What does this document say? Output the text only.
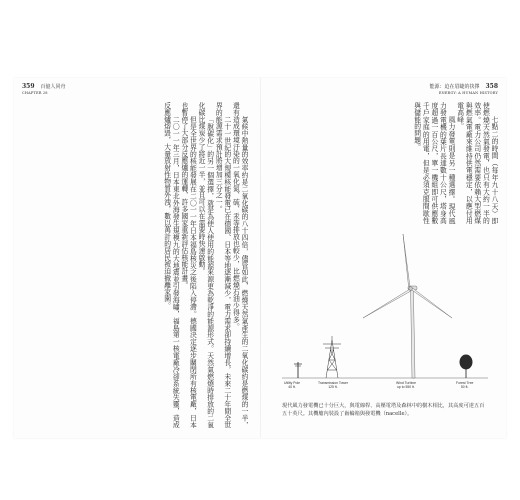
359 百億人同舟
CHAPTER 28
能源：迫在眉睫的抉擇 358
ENERGY: A HUMAN HISTORY

氣候中熱量的效率約是二氧化碳的八十四倍，儘管如此，燃燒天然氣產生的二氧化碳約是燃煤的一半，還有造成環境汙染的一氧化氮、硫、汞等排放也較少，比燃燒石油少得多。

二十一世紀的大規模核能發電已在德國、日本等地逐漸減少，電力需求卻持續增長，未來二十年間全世界的能源需求預計將增加三分之一。

「脫碳化」的另一個選擇，就是為使人使用的能源來源更為乾淨的能源形式。天然氣燃燒時排放的二氧化碳比煤炭少了將近一半，並且可以在需要時快速啟動。

但是全世界的核能發展在二〇一一年日本福島核災之後陷入停滯。德國決定逐步關閉所有核電廠，日本也暫停了大部分反應爐的運轉，許多國家重新評估核能計畫。

二〇一一年三月，日本東北外海發生規模九的大地震並引發海嘯，福島第一核電廠冷卻系統失靈，造成反應爐熔毀，大量放射性物質外洩，數以萬計的居民被迫撤離家園。	七點二的時間（每年九十八天）即使燃燒天然氣發電，也只有大約一半的效率。電力公司仍然需要依賴大型燃煤與燃氣電廠來維持供電穩定，以應付用電高峰。

風力發電則是另一種選擇。現代風力發電機的葉片長達數十公尺，塔身高度超過一百公尺，單一機組即可供應數千戶家庭的用電，但是必須克服間歇性與儲能的問題。

Utility Pole
40 ft.
Transmission Tower
125 ft.
Wind Turbine
up to 550 ft.
Forest Tree
50 ft.
現代風力發電機已十分巨大，與電線桿、高壓電塔及森林中的樹木相比，其高度可達五百五十英尺。其機艙內裝設了齒輪箱與發電機（nacelle）。
